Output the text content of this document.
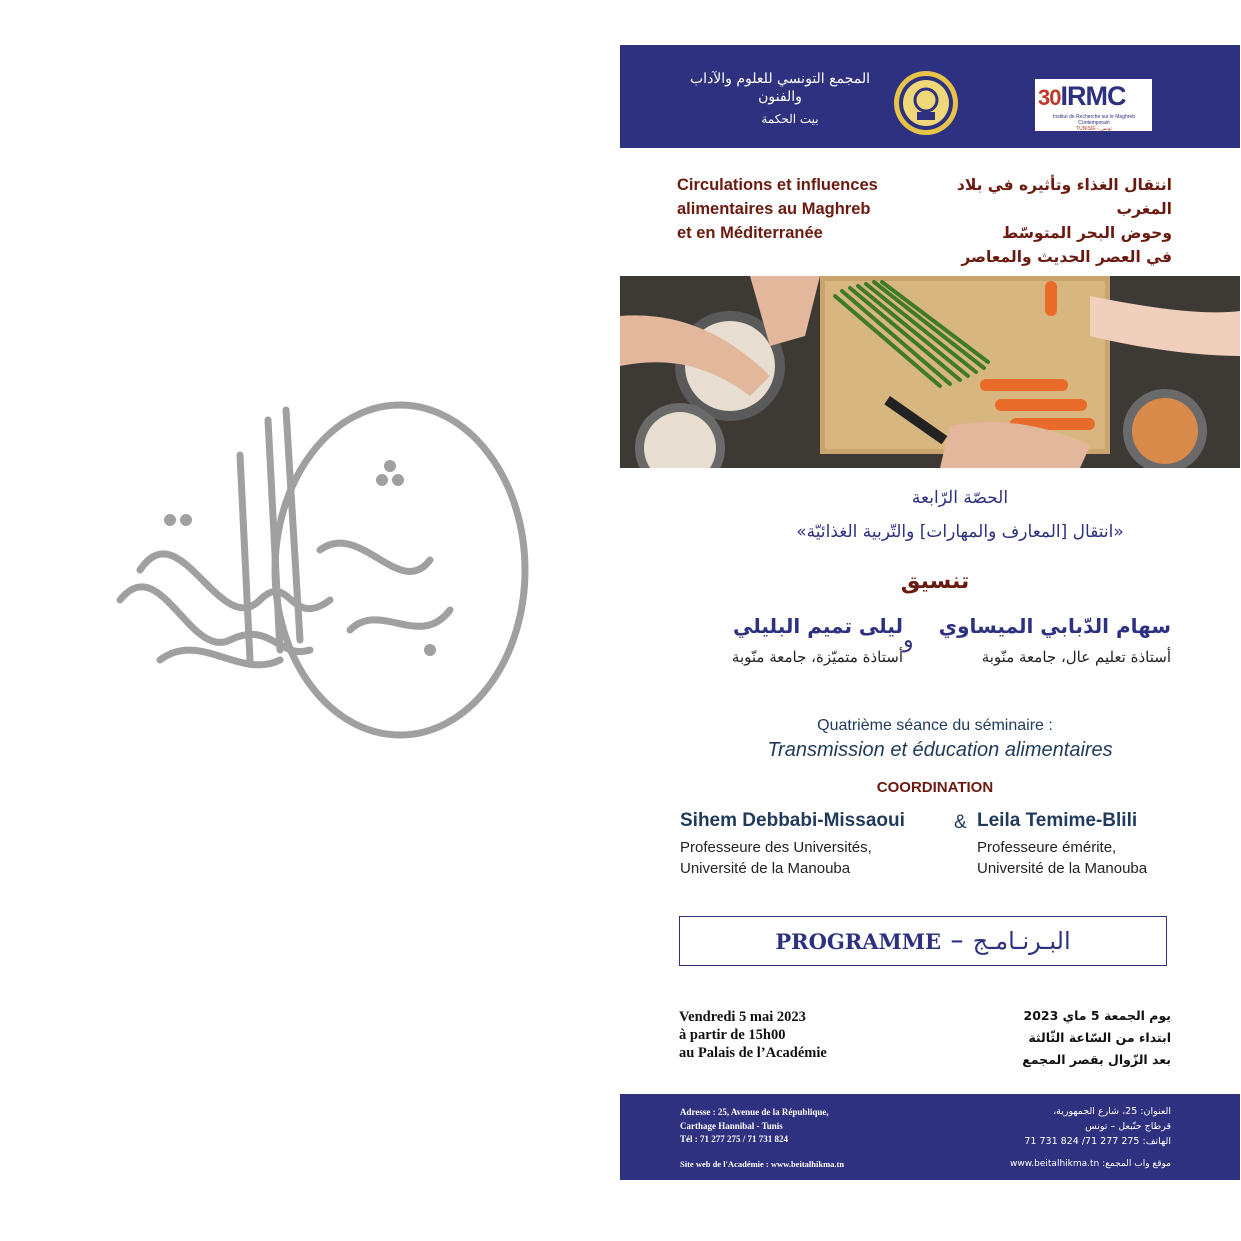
المجمع التونسي للعلوم والآداب والفنون
بيت الحكمة
30IRMC
Institut de Recherche sur le Maghreb Contemporain
TUNISIE - تونس
Circulations et influences
alimentaires au Maghreb
et en Méditerranée
انتقال الغذاء وتأثيره في بلاد المغرب
وحوض البحر المتوسّط
في العصر الحديث والمعاصر
الحصّة الرّابعة
«انتقال [المعارف والمهارات] والتّربية الغذائيّة»
تنسيق
سهام الدّبابي الميساوي
أستاذة تعليم عال، جامعة منّوبة
و
ليلى تميم البليلي
أستاذة متميّزة، جامعة منّوبة
Quatrième séance du séminaire :
Transmission et éducation alimentaires
COORDINATION
Sihem Debbabi-Missaoui	& Leila Temime-Blili
Professeure des Universités,
Université de la Manouba
Professeure émérite,
Université de la Manouba
PROGRAMME – البـرنـامـج
Vendredi 5 mai 2023
à partir de 15h00
au Palais de l’Académie
يوم الجمعة 5 ماي 2023
ابتداء من السّاعة الثّالثة
بعد الزّوال بقصر المجمع
Adresse : 25, Avenue de la République,
Carthage Hannibal - Tunis
Tél : 71 277 275 / 71 731 824
Site web de l'Académie : www.beitalhikma.tn
العنوان: 25، شارع الجمهورية،
قرطاج حنّبعل – تونس
الهاتف: 275 277 71/ 824 731 71
موقع واب المجمع: www.beitalhikma.tn
